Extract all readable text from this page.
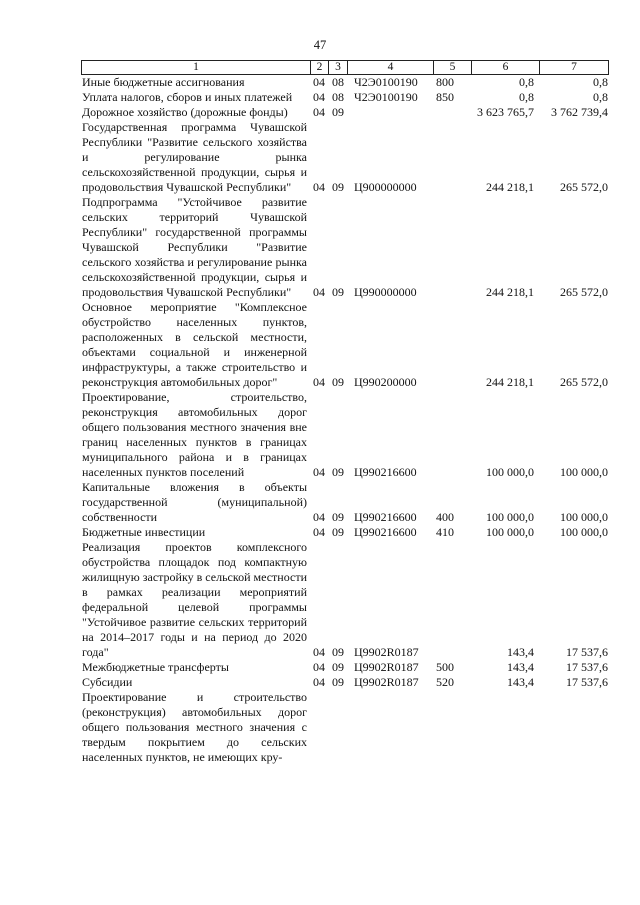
47
1	2	3	4	5	6	7
Иные бюджетные ассигнования	04 08 Ч2Э0100190 800	0,8	0,8
Уплата налогов, сборов и иных платежей	04 08 Ч2Э0100190 850	0,8	0,8
Дорожное хозяйство (дорожные фонды)	04 09	3 623 765,7	3 762 739,4
Государственная программа Чувашской Республики "Развитие сельского хозяйства и регулирование рынка сельскохозяйственной продукции, сырья и продовольствия Чувашской Республики"	04 09 Ц900000000	244 218,1	265 572,0
Подпрограмма "Устойчивое развитие сельских территорий Чувашской Республики" государственной программы Чувашской Республики "Развитие сельского хозяйства и регулирование рынка сельскохозяйственной продукции, сырья и продовольствия Чувашской Республики"	04 09 Ц990000000	244 218,1	265 572,0
Основное мероприятие "Комплексное обустройство населенных пунктов, расположенных в сельской местности, объектами социальной и инженерной инфраструктуры, а также строительство и реконструкция автомобильных дорог"	04 09 Ц990200000	244 218,1	265 572,0
Проектирование, строительство, реконструкция автомобильных дорог общего пользования местного значения вне границ населенных пунктов в границах муниципального района и в границах населенных пунктов поселений	04 09 Ц990216600	100 000,0	100 000,0
Капитальные вложения в объекты государственной (муниципальной) собственности	04 09 Ц990216600 400	100 000,0	100 000,0
Бюджетные инвестиции	04 09 Ц990216600 410	100 000,0	100 000,0
Реализация проектов комплексного обустройства площадок под компактную жилищную застройку в сельской местности в рамках реализации мероприятий федеральной целевой программы "Устойчивое развитие сельских территорий на 2014–2017 годы и на период до 2020 года"	04 09 Ц9902R0187	143,4	17 537,6
Межбюджетные трансферты	04 09 Ц9902R0187 500	143,4	17 537,6
Субсидии	04 09 Ц9902R0187 520	143,4	17 537,6
Проектирование и строительство (реконструкция) автомобильных дорог общего пользования местного значения с твердым покрытием до сельских населенных пунктов, не имеющих кру-
